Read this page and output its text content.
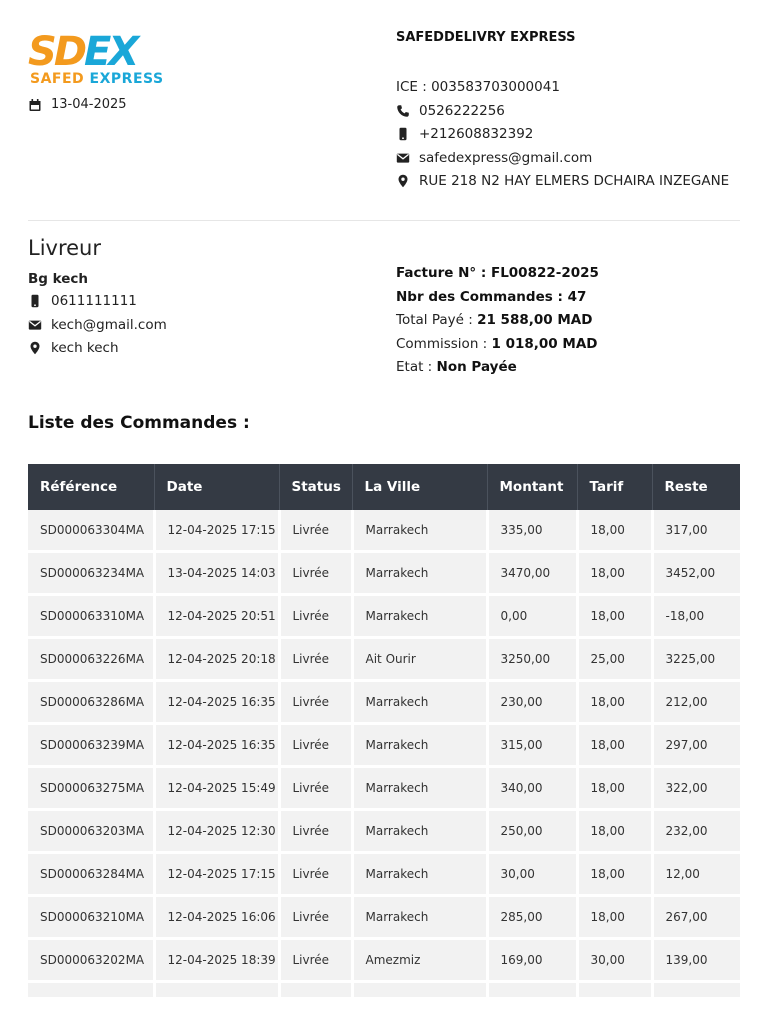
SDEX
SAFED EXPRESS
13-04-2025
SAFEDDELIVRY EXPRESS
ICE : 003583703000041
0526222256
+212608832392
safedexpress@gmail.com
RUE 218 N2 HAY ELMERS DCHAIRA INZEGANE
Livreur
Bg kech
0611111111
kech@gmail.com
kech kech
Facture N° : FL00822-2025
Nbr des Commandes : 47
Total Payé : 21 588,00 MAD
Commission : 1 018,00 MAD
Etat : Non Payée
Liste des Commandes :
Référence	Date	Status	La Ville	Montant	Tarif	Reste
SD000063304MA	12-04-2025 17:15	Livrée	Marrakech	335,00	18,00	317,00
SD000063234MA	13-04-2025 14:03	Livrée	Marrakech	3470,00	18,00	3452,00
SD000063310MA	12-04-2025 20:51	Livrée	Marrakech	0,00	18,00	-18,00
SD000063226MA	12-04-2025 20:18	Livrée	Ait Ourir	3250,00	25,00	3225,00
SD000063286MA	12-04-2025 16:35	Livrée	Marrakech	230,00	18,00	212,00
SD000063239MA	12-04-2025 16:35	Livrée	Marrakech	315,00	18,00	297,00
SD000063275MA	12-04-2025 15:49	Livrée	Marrakech	340,00	18,00	322,00
SD000063203MA	12-04-2025 12:30	Livrée	Marrakech	250,00	18,00	232,00
SD000063284MA	12-04-2025 17:15	Livrée	Marrakech	30,00	18,00	12,00
SD000063210MA	12-04-2025 16:06	Livrée	Marrakech	285,00	18,00	267,00
SD000063202MA	12-04-2025 18:39	Livrée	Amezmiz	169,00	30,00	139,00
